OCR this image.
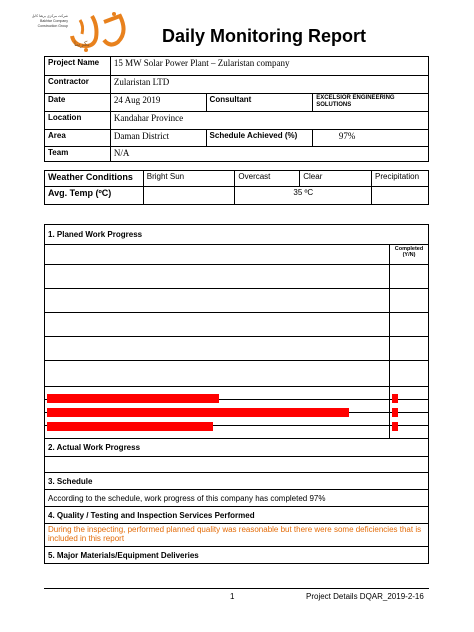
شركت مرکزی برهنا کابل
Bakhtar Company
Construction Group
بكرينا	Daily Monitoring Report
Project Name	15 MW Solar Power Plant – Zularistan company		
Contractor	Zularistan LTD		
Date	24 Aug 2019	Consultant	EXCELSIOR ENGINEERING SOLUTIONS
Location	Kandahar Province		
Area	Daman District	Schedule Achieved (%)	97%
Team	N/A		
Weather Conditions	Bright Sun	Overcast	Clear	Precipitation
Avg. Temp (ºC)		35 ºC		
1. Planed Work Progress	
	Completed (Y/N)

2. Actual Work Progress	

3. Schedule	
According to the schedule, work progress of this company has completed 97%	
4. Quality / Testing and Inspection Services Performed	
During the inspecting, performed planned quality was reasonable but there were some deficiencies that is included in this report	
5. Major Materials/Equipment Deliveries	
1	Project Details DQAR_2019-2-16
